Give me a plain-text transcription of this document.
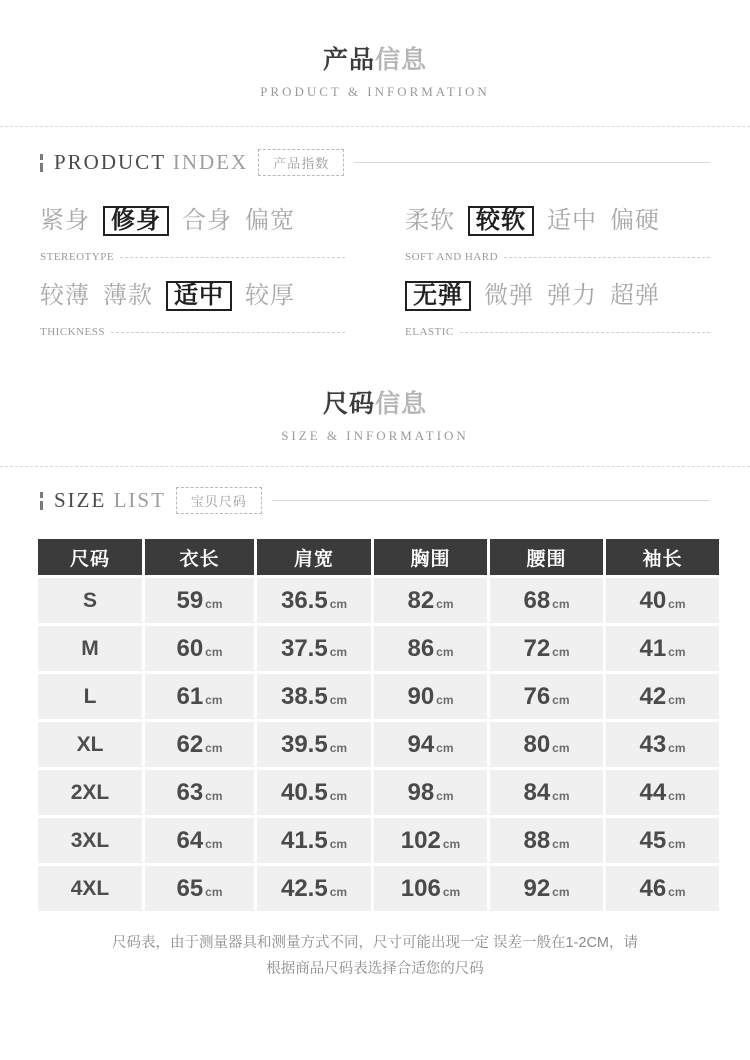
产品信息
PRODUCT & INFORMATION
PRODUCT INDEX	产品指数
紧身 修身 合身 偏宽
STEREOTYPE
柔软 较软 适中 偏硬
SOFT AND HARD
较薄 薄款 适中 较厚
THICKNESS
无弹 微弹 弹力 超弹
ELASTIC
尺码信息
SIZE & INFORMATION
SIZE LIST	宝贝尺码
尺码	衣长	肩宽	胸围	腰围	袖长
S	59 cm	36.5 cm	82 cm	68 cm	40 cm
M	60 cm	37.5 cm	86 cm	72 cm	41 cm
L	61 cm	38.5 cm	90 cm	76 cm	42 cm
XL	62 cm	39.5 cm	94 cm	80 cm	43 cm
2XL	63 cm	40.5 cm	98 cm	84 cm	44 cm
3XL	64 cm	41.5 cm	102 cm	88 cm	45 cm
4XL	65 cm	42.5 cm	106 cm	92 cm	46 cm
尺码表，由于测量器具和测量方式不同，尺寸可能出现一定 误差一般在1-2CM，请
根据商品尺码表选择合适您的尺码
